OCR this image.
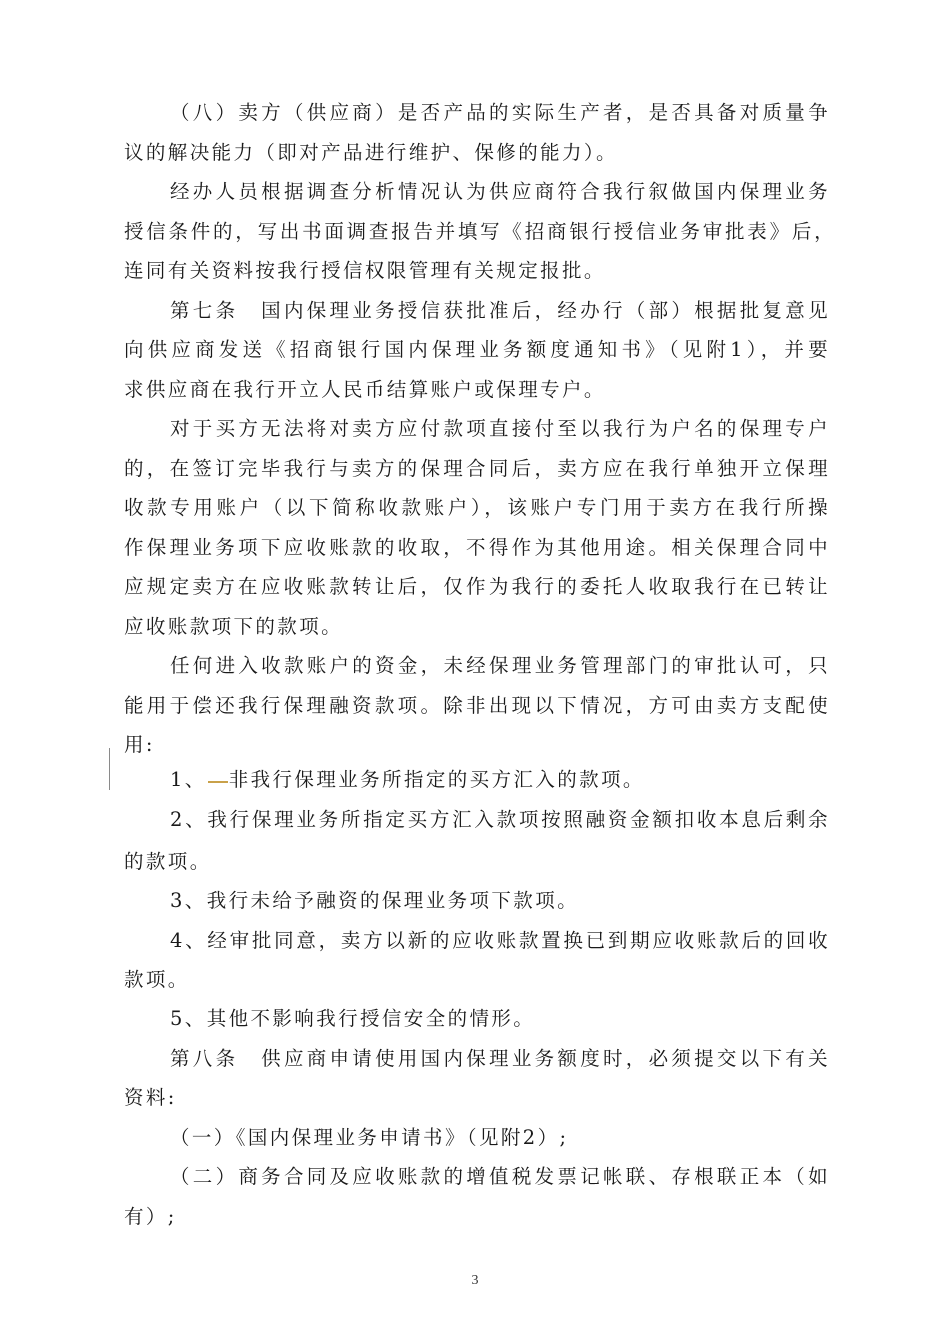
（八）卖方（供应商）是否产品的实际生产者，是否具备对质量争
议的解决能力（即对产品进行维护、保修的能力）。
经办人员根据调查分析情况认为供应商符合我行叙做国内保理业务
授信条件的，写出书面调查报告并填写《招商银行授信业务审批表》后，
连同有关资料按我行授信权限管理有关规定报批。
第七条　国内保理业务授信获批准后，经办行（部）根据批复意见
向供应商发送《招商银行国内保理业务额度通知书》（见附1），并要
求供应商在我行开立人民币结算账户或保理专户。
对于买方无法将对卖方应付款项直接付至以我行为户名的保理专户
的，在签订完毕我行与卖方的保理合同后，卖方应在我行单独开立保理
收款专用账户（以下简称收款账户），该账户专门用于卖方在我行所操
作保理业务项下应收账款的收取，不得作为其他用途。相关保理合同中
应规定卖方在应收账款转让后，仅作为我行的委托人收取我行在已转让
应收账款项下的款项。
任何进入收款账户的资金，未经保理业务管理部门的审批认可，只
能用于偿还我行保理融资款项。除非出现以下情况，方可由卖方支配使
用:
1、 非我行保理业务所指定的买方汇入的款项。
2、我行保理业务所指定买方汇入款项按照融资金额扣收本息后剩余
的款项。
3、我行未给予融资的保理业务项下款项。
4、经审批同意，卖方以新的应收账款置换已到期应收账款后的回收
款项。
5、其他不影响我行授信安全的情形。
第八条　供应商申请使用国内保理业务额度时，必须提交以下有关
资料:
（一）《国内保理业务申请书》（见附2）;
（二）商务合同及应收账款的增值税发票记帐联、存根联正本（如
有）;
3
